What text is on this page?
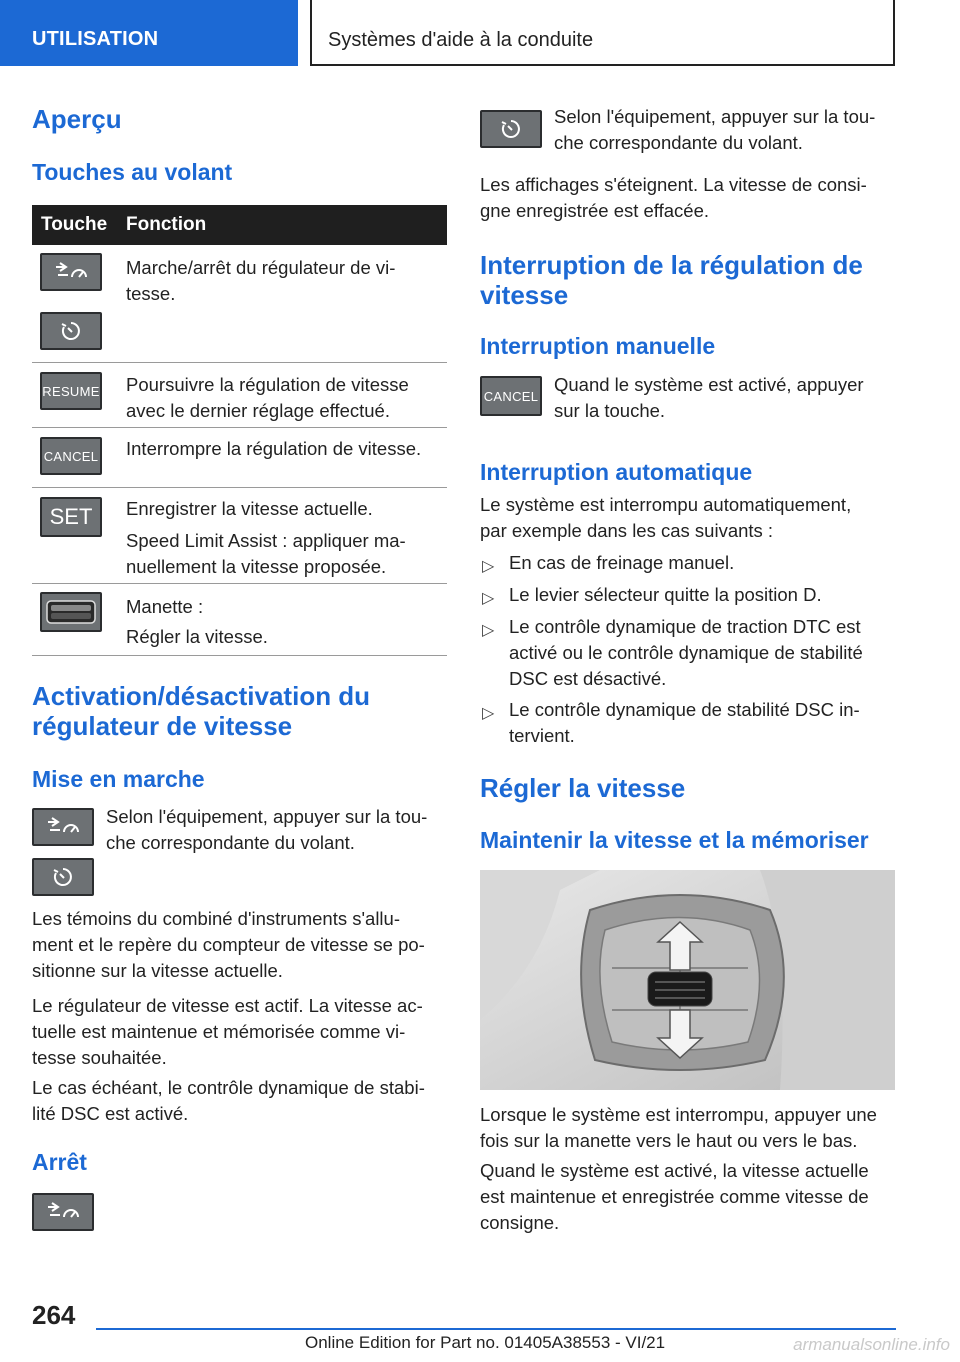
UTILISATION	Systèmes d'aide à la conduite
Aperçu
Touches au volant
Touche Fonction
Marche/arrêt du régulateur de vi-
tesse.
RESUME Poursuivre la régulation de vitesse
avec le dernier réglage effectué.
CANCEL Interrompre la régulation de vitesse.
SET	Enregistrer la vitesse actuelle.
Speed Limit Assist : appliquer ma-
nuellement la vitesse proposée.
Manette :
Régler la vitesse.
Activation/désactivation du
régulateur de vitesse
Mise en marche
Selon l'équipement, appuyer sur la tou-
che correspondante du volant.
Les témoins du combiné d'instruments s'allu-
ment et le repère du compteur de vitesse se po-
sitionne sur la vitesse actuelle.
Le régulateur de vitesse est actif. La vitesse ac-
tuelle est maintenue et mémorisée comme vi-
tesse souhaitée.
Le cas échéant, le contrôle dynamique de stabi-
lité DSC est activé.
Arrêt
Selon l'équipement, appuyer sur la tou-
che correspondante du volant.
Les affichages s'éteignent. La vitesse de consi-
gne enregistrée est effacée.
Interruption de la régulation de
vitesse
Interruption manuelle
CANCEL
Quand le système est activé, appuyer
sur la touche.
Interruption automatique
Le système est interrompu automatiquement,
par exemple dans les cas suivants :
▷ En cas de freinage manuel.
▷ Le levier sélecteur quitte la position D.
▷ Le contrôle dynamique de traction DTC est
activé ou le contrôle dynamique de stabilité
DSC est désactivé.
▷ Le contrôle dynamique de stabilité DSC in-
tervient.
Régler la vitesse
Maintenir la vitesse et la mémoriser
Lorsque le système est interrompu, appuyer une
fois sur la manette vers le haut ou vers le bas.
Quand le système est activé, la vitesse actuelle
est maintenue et enregistrée comme vitesse de
consigne.
264
Online Edition for Part no. 01405A38553 - VI/21	armanualsonline.info
